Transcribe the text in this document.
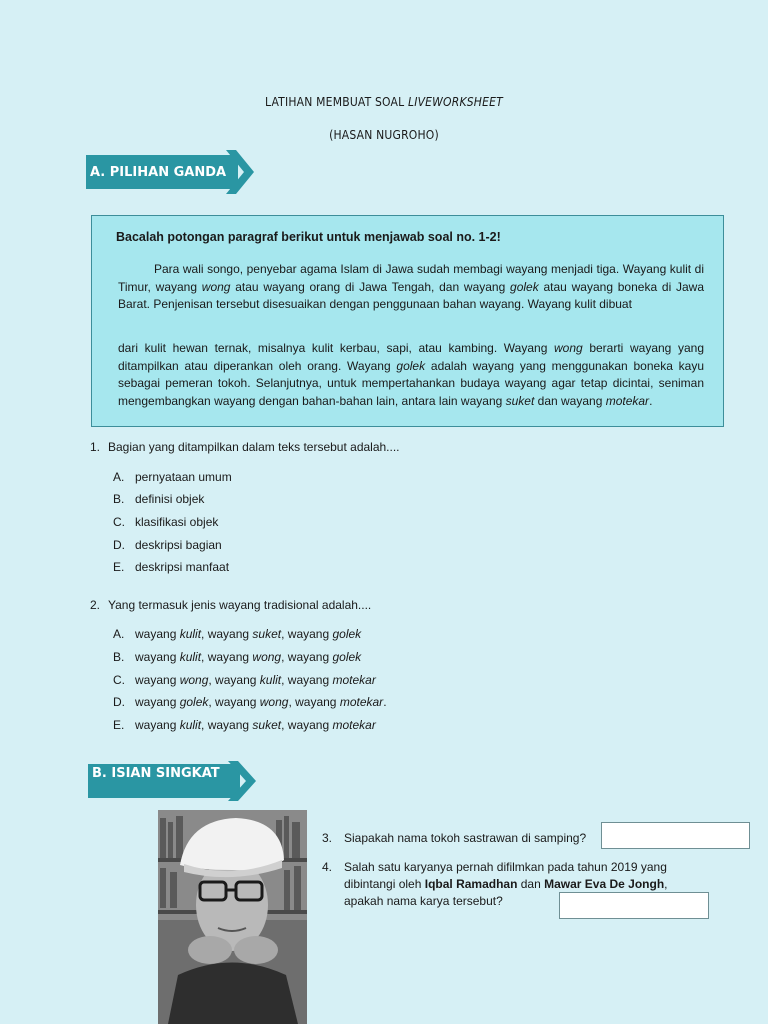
LATIHAN MEMBUAT SOAL LIVEWORKSHEET
(HASAN NUGROHO)
A. PILIHAN GANDA
Bacalah potongan paragraf berikut untuk menjawab soal no. 1-2!

Para wali songo, penyebar agama Islam di Jawa sudah membagi wayang menjadi tiga. Wayang kulit di Timur, wayang wong atau wayang orang di Jawa Tengah, dan wayang golek atau wayang boneka di Jawa Barat. Penjenisan tersebut disesuaikan dengan penggunaan bahan wayang. Wayang kulit dibuat

dari kulit hewan ternak, misalnya kulit kerbau, sapi, atau kambing. Wayang wong berarti wayang yang ditampilkan atau diperankan oleh orang. Wayang golek adalah wayang yang menggunakan boneka kayu sebagai pemeran tokoh. Selanjutnya, untuk mempertahankan budaya wayang agar tetap dicintai, seniman mengembangkan wayang dengan bahan-bahan lain, antara lain wayang suket dan wayang motekar.

1. Bagian yang ditampilkan dalam teks tersebut adalah....
A. pernyataan umum
B. definisi objek
C. klasifikasi objek
D. deskripsi bagian
E. deskripsi manfaat
2. Yang termasuk jenis wayang tradisional adalah....
A. wayang kulit, wayang suket, wayang golek
B. wayang kulit, wayang wong, wayang golek
C. wayang wong, wayang kulit, wayang motekar
D. wayang golek, wayang wong, wayang motekar.
E. wayang kulit, wayang suket, wayang motekar
B. ISIAN SINGKAT
3. Siapakah nama tokoh sastrawan di samping?
4. Salah satu karyanya pernah difilmkan pada tahun 2019 yang dibintangi oleh Iqbal Ramadhan dan Mawar Eva De Jongh, apakah nama karya tersebut?
